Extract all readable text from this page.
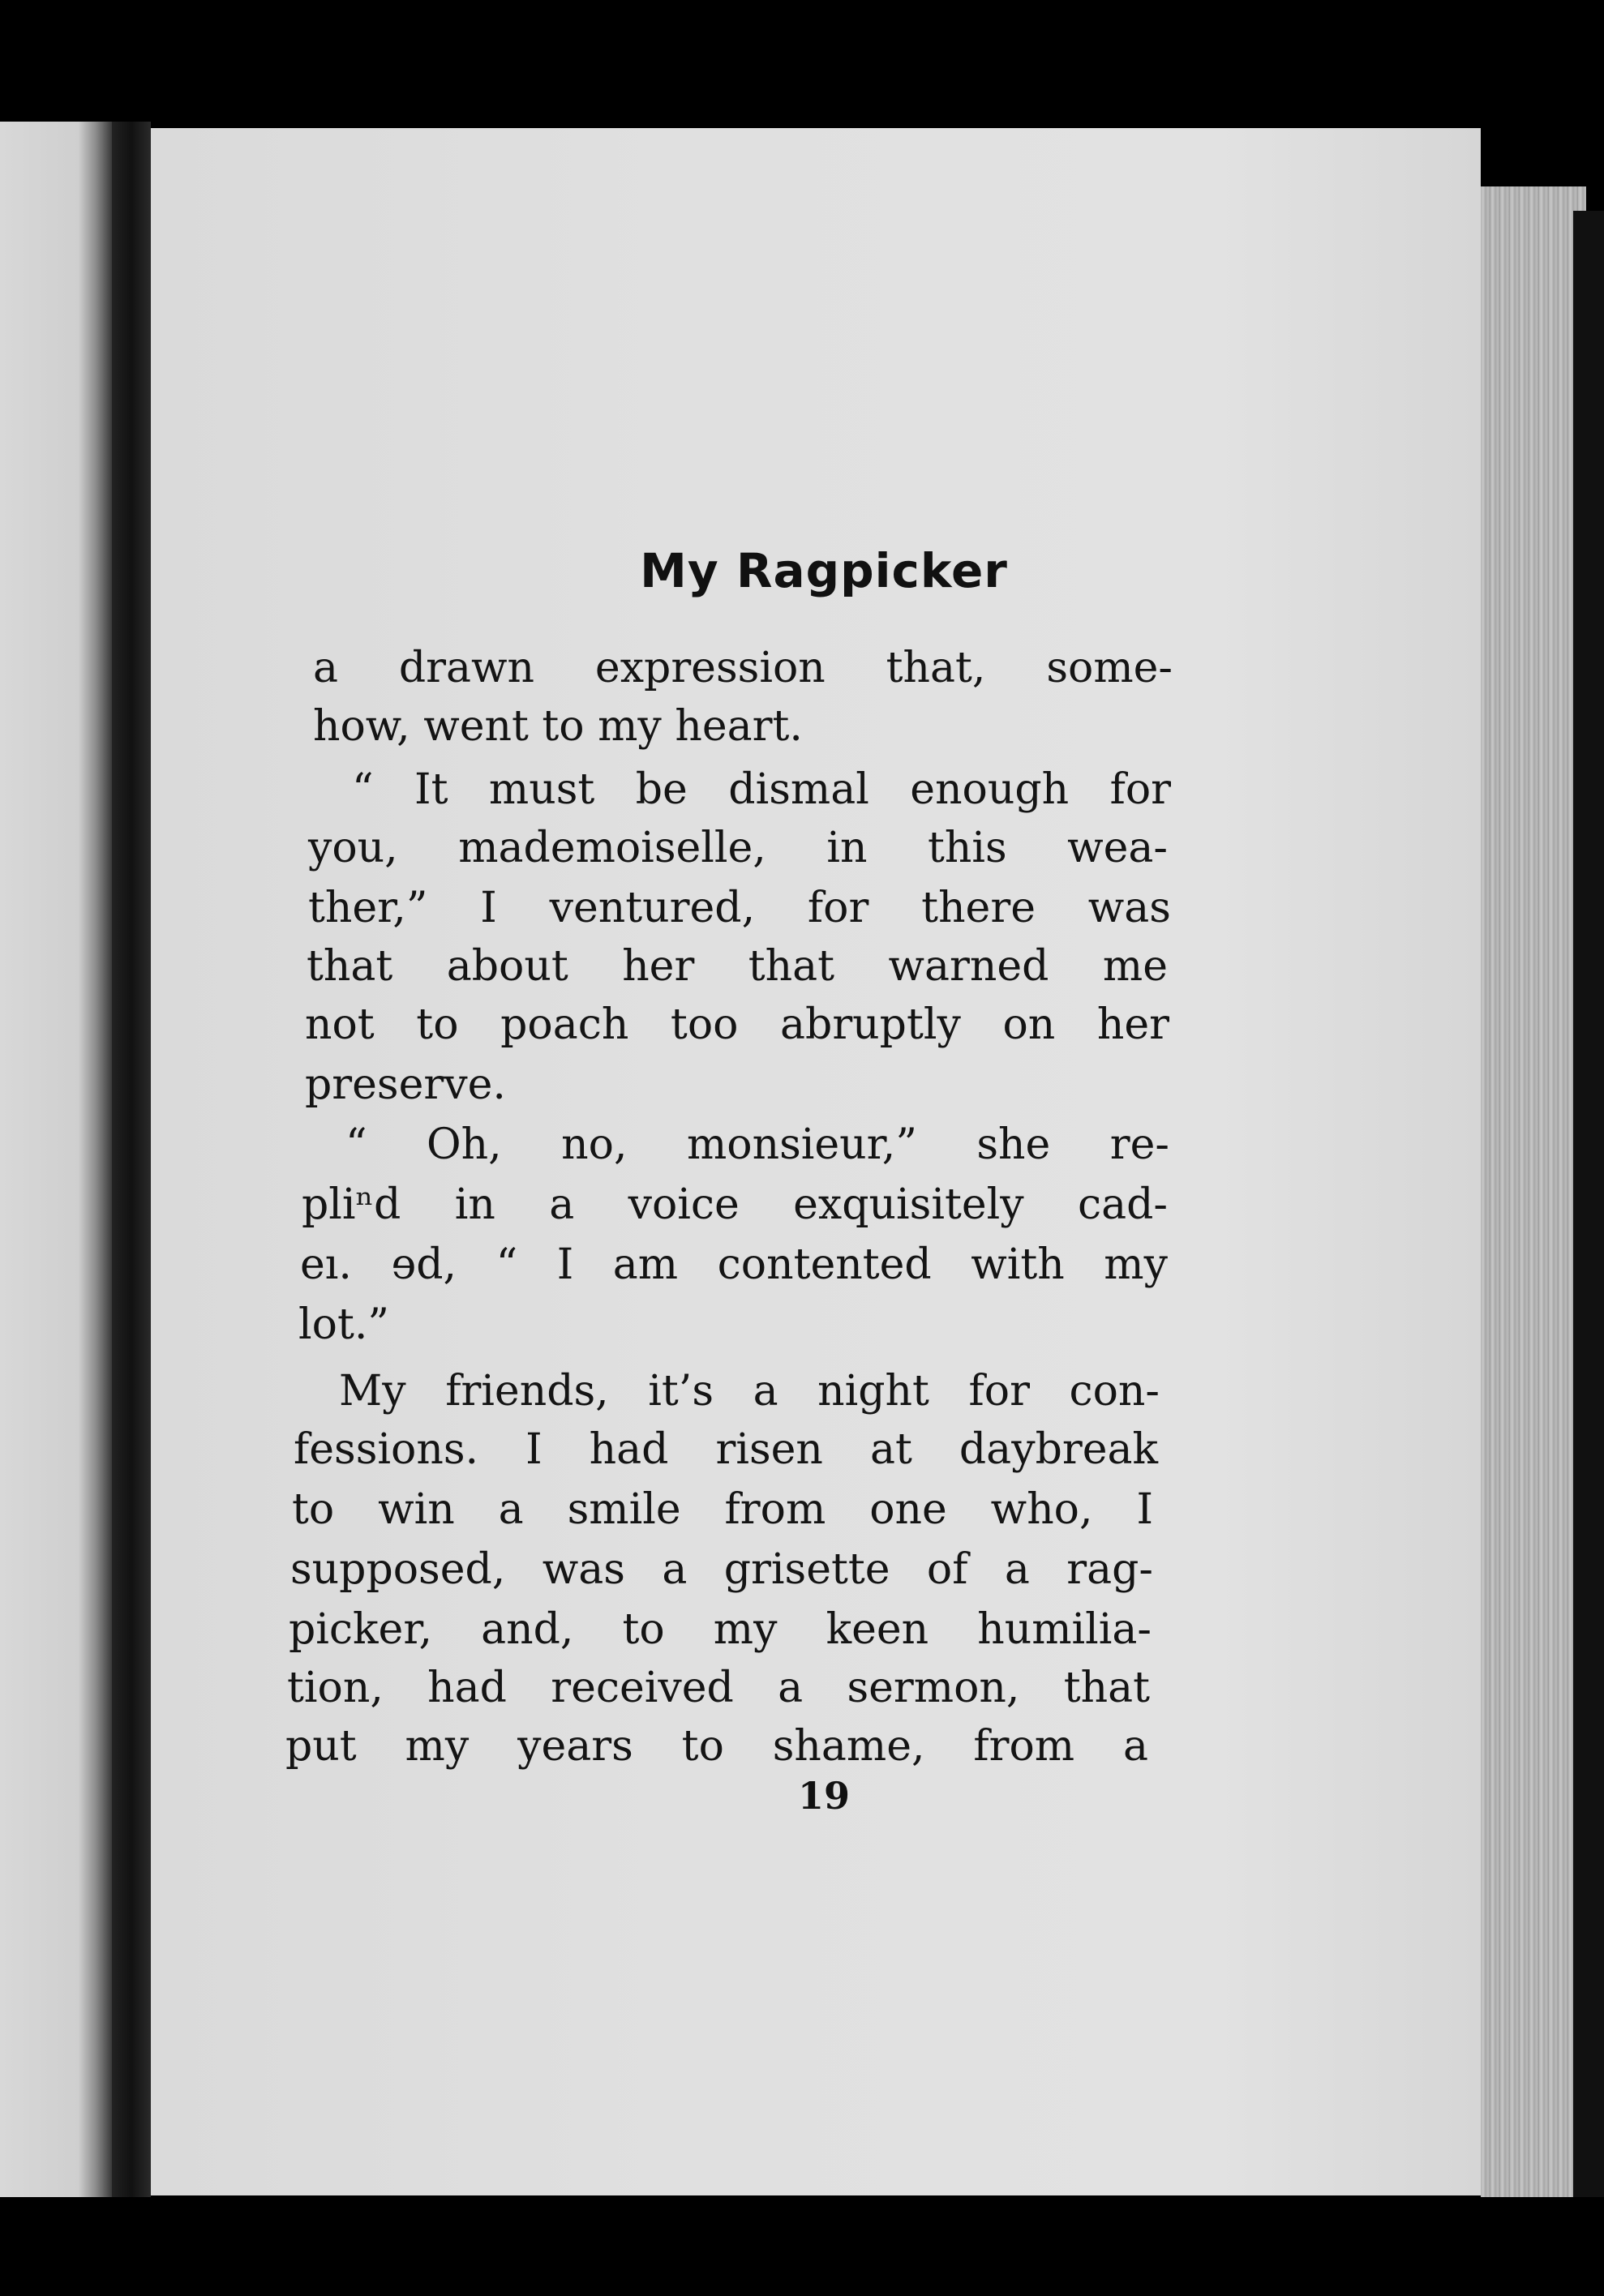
My Ragpicker
a drawn expression that, some-
how, went to my heart.
“ It must be dismal enough for
you, mademoiselle, in this wea-
ther,” I ventured, for there was
that about her that warned me
not to poach too abruptly on her
preserve.
“ Oh, no, monsieur,” she re-
pliⁿd in a voice exquisitely cad-
eı. ɘd, “ I am contented with my
lot.”
My friends, it’s a night for con-
fessions. I had risen at daybreak
to win a smile from one who, I
supposed, was a grisette of a rag-
picker, and, to my keen humilia-
tion, had received a sermon, that
put my years to shame, from a
19
